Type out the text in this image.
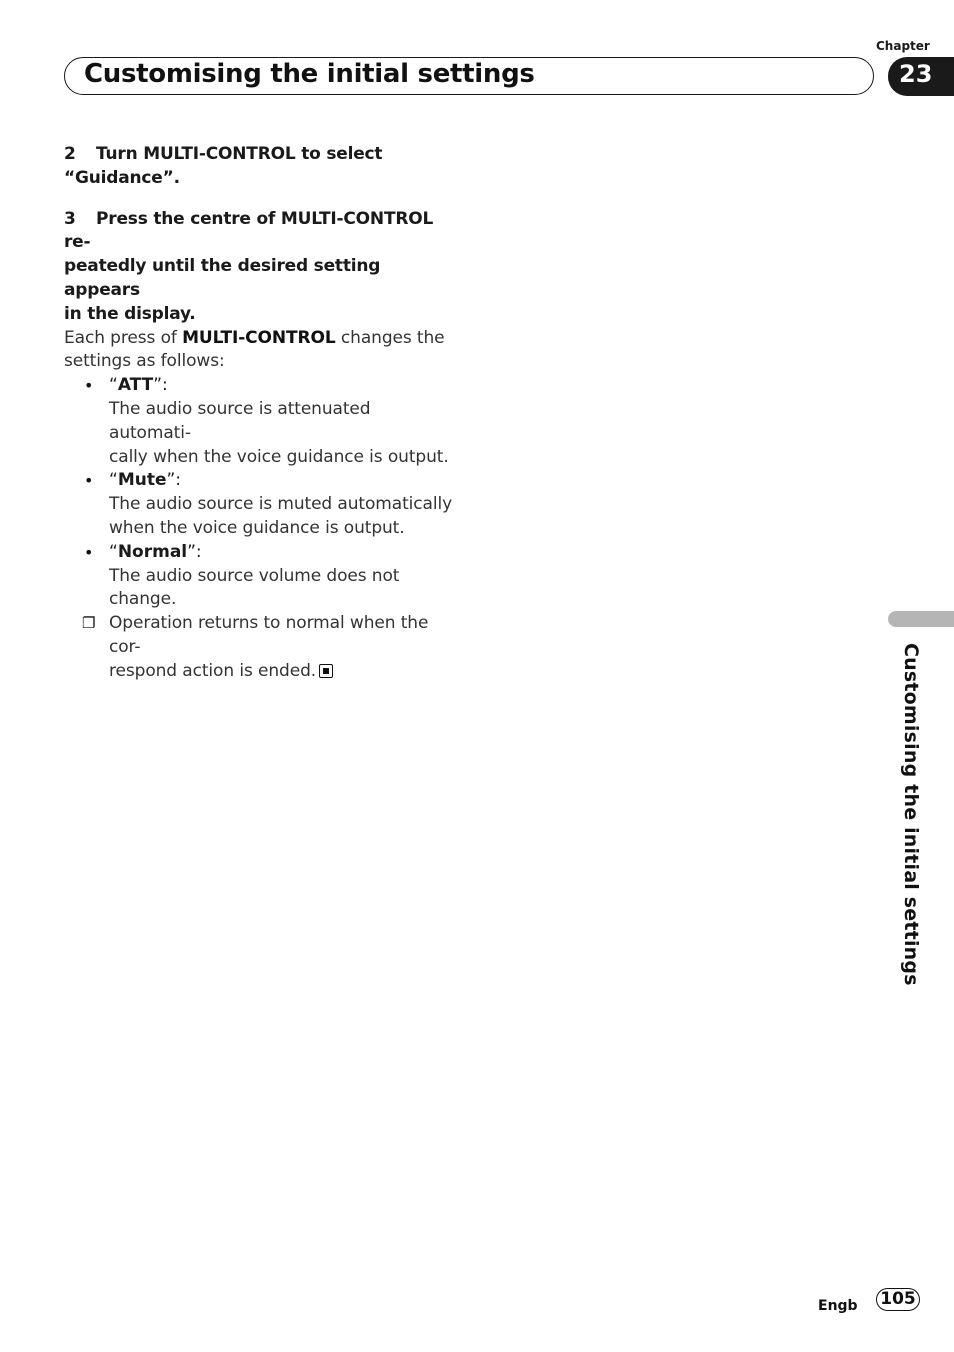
Chapter
Customising the initial settings	23
2 Turn MULTI-CONTROL to select
“Guidance”.
3 Press the centre of MULTI-CONTROL re-
peatedly until the desired setting appears
in the display.
Each press of MULTI-CONTROL changes the
settings as follows:
• “ATT”:
The audio source is attenuated automati-
cally when the voice guidance is output.
• “Mute”:
The audio source is muted automatically
when the voice guidance is output.
• “Normal”:
The audio source volume does not change.
❐ Operation returns to normal when the cor-
respond action is ended.	Customising the initial settings
Engb 105
